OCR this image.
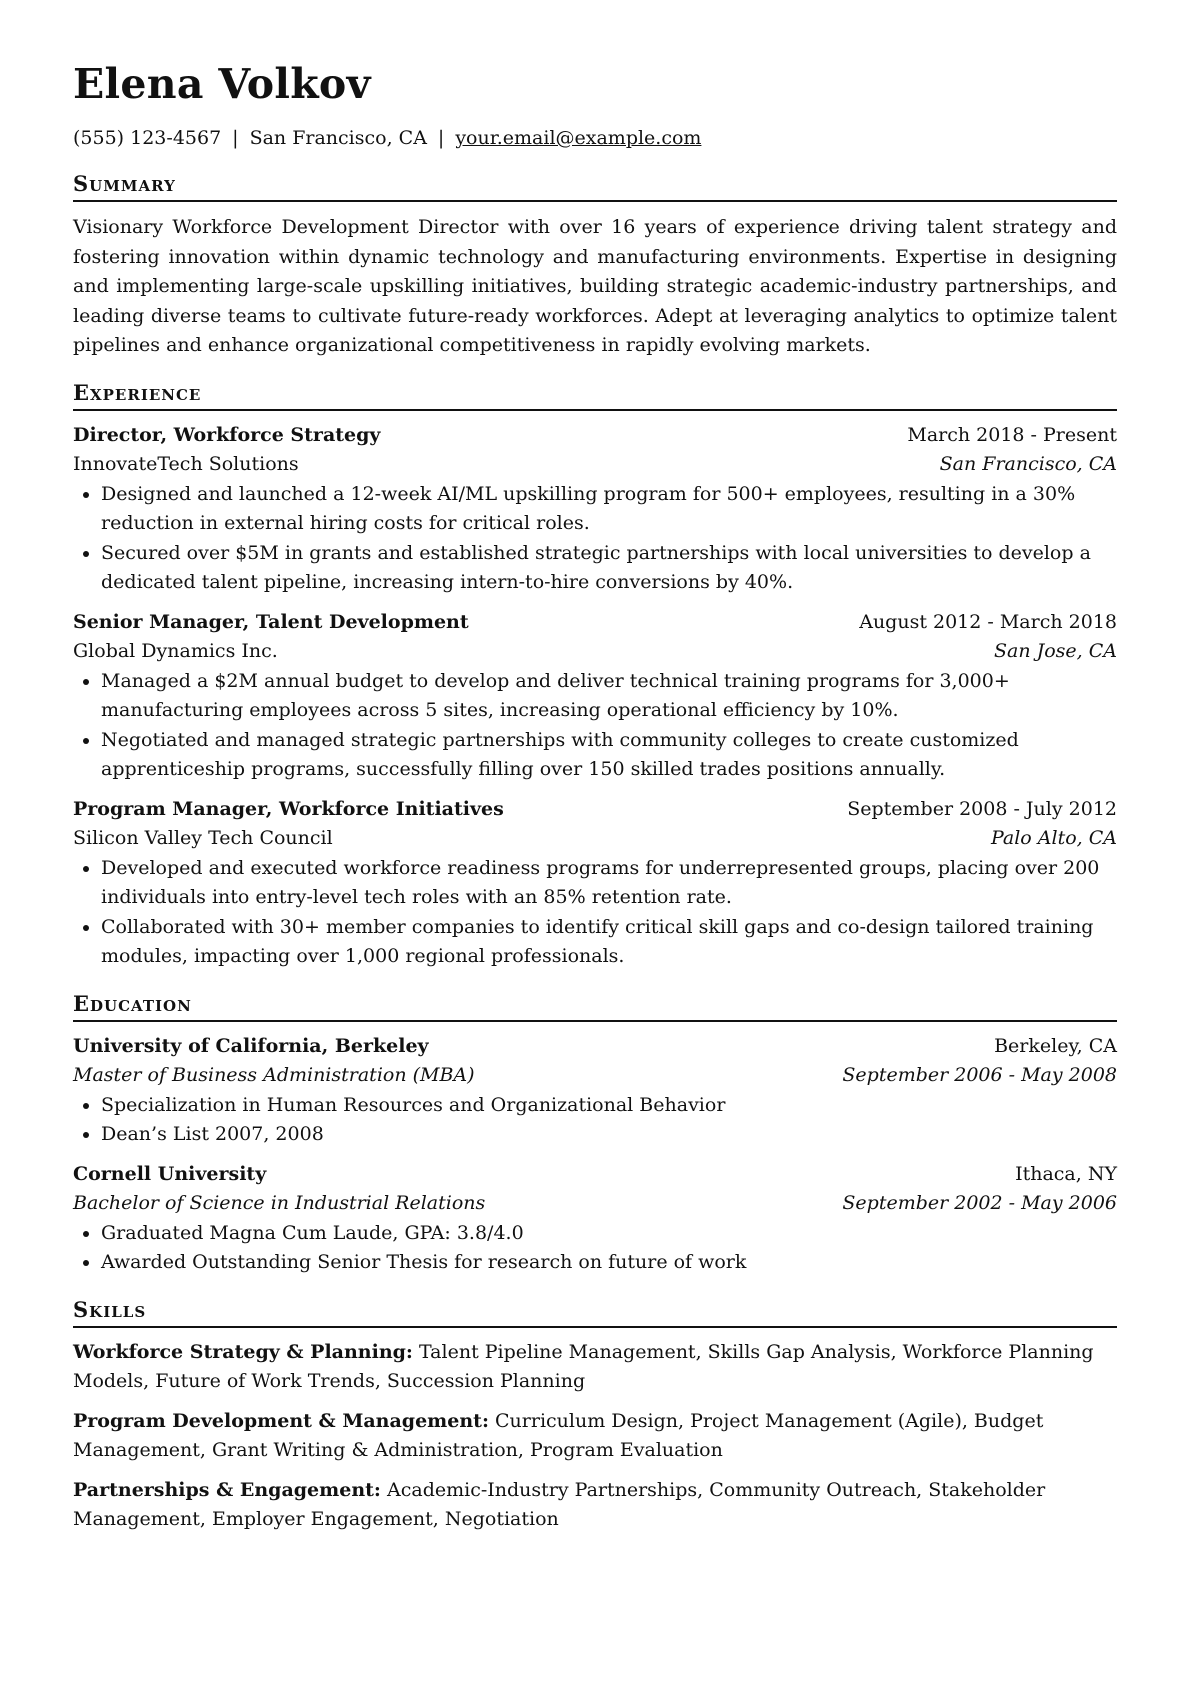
Elena Volkov
(555) 123-4567 | San Francisco, CA | your.email@example.com
Summary
Visionary Workforce Development Director with over 16 years of experience driving talent strategy and fostering innovation within dynamic technology and manufacturing environments. Expertise in designing and implementing large-scale upskilling initiatives, building strategic academic-industry partnerships, and leading diverse teams to cultivate future-ready workforces. Adept at leveraging analytics to optimize talent pipelines and enhance organizational competitiveness in rapidly evolving markets.
Experience
Director, Workforce Strategy	March 2018 - Present
InnovateTech Solutions	San Francisco, CA
• Designed and launched a 12-week AI/ML upskilling program for 500+ employees, resulting in a 30% reduction in external hiring costs for critical roles.
• Secured over $5M in grants and established strategic partnerships with local universities to develop a dedicated talent pipeline, increasing intern-to-hire conversions by 40%.
Senior Manager, Talent Development	August 2012 - March 2018
Global Dynamics Inc.	San Jose, CA
• Managed a $2M annual budget to develop and deliver technical training programs for 3,000+ manufacturing employees across 5 sites, increasing operational efficiency by 10%.
• Negotiated and managed strategic partnerships with community colleges to create customized apprenticeship programs, successfully filling over 150 skilled trades positions annually.
Program Manager, Workforce Initiatives	September 2008 - July 2012
Silicon Valley Tech Council	Palo Alto, CA
• Developed and executed workforce readiness programs for underrepresented groups, placing over 200 individuals into entry-level tech roles with an 85% retention rate.
• Collaborated with 30+ member companies to identify critical skill gaps and co-design tailored training modules, impacting over 1,000 regional professionals.
Education
University of California, Berkeley	Berkeley, CA
Master of Business Administration (MBA)	September 2006 - May 2008
• Specialization in Human Resources and Organizational Behavior
• Dean’s List 2007, 2008
Cornell University	Ithaca, NY
Bachelor of Science in Industrial Relations	September 2002 - May 2006
• Graduated Magna Cum Laude, GPA: 3.8/4.0
• Awarded Outstanding Senior Thesis for research on future of work
Skills
Workforce Strategy & Planning: Talent Pipeline Management, Skills Gap Analysis, Workforce Planning Models, Future of Work Trends, Succession Planning
Program Development & Management: Curriculum Design, Project Management (Agile), Budget Management, Grant Writing & Administration, Program Evaluation
Partnerships & Engagement: Academic-Industry Partnerships, Community Outreach, Stakeholder Management, Employer Engagement, Negotiation
